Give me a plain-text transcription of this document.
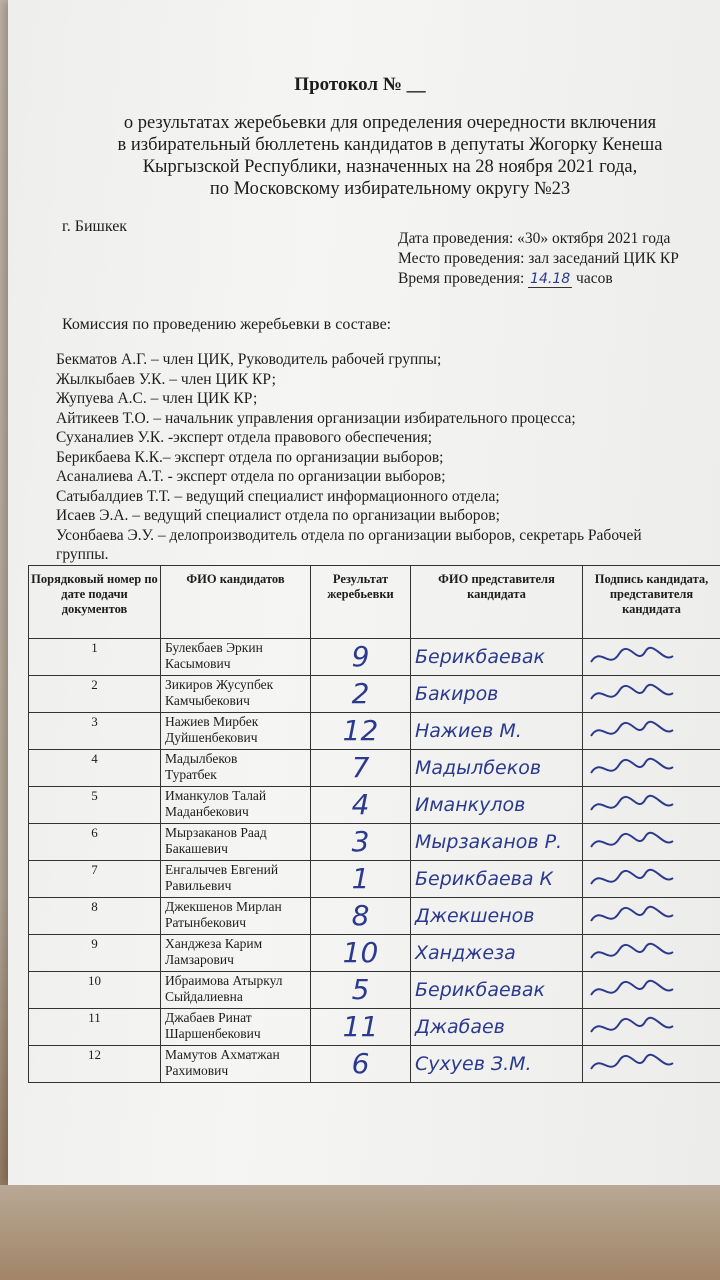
Протокол № __
о результатах жеребьевки для определения очередности включения
в избирательный бюллетень кандидатов в депутаты Жогорку Кенеша
Кыргызской Республики, назначенных на 28 ноября 2021 года,
по Московскому избирательному округу №23
г. Бишкек
Дата проведения: «30» октября 2021 года
Место проведения: зал заседаний ЦИК КР
Время проведения: 14.18 часов
Комиссия по проведению жеребьевки в составе:
Бекматов А.Г. – член ЦИК, Руководитель рабочей группы;
Жылкыбаев У.К. – член ЦИК КР;
Жупуева А.С. – член ЦИК КР;
Айтикеев Т.О. – начальник управления организации избирательного процесса;
Суханалиев У.К. -эксперт отдела правового обеспечения;
Берикбаева К.К.– эксперт отдела по организации выборов;
Асаналиева А.Т. - эксперт отдела по организации выборов;
Сатыбалдиев Т.Т. – ведущий специалист информационного отдела;
Исаев Э.А. – ведущий специалист отдела по организации выборов;
Усонбаева Э.У. – делопроизводитель отдела по организации выборов, секретарь Рабочей
группы.
Порядковый номер по дате подачи документов	ФИО кандидатов	Результат жеребьевки	ФИО представителя кандидата	Подпись кандидата, представителя кандидата
1	Булекбаев Эркин
Касымович	9	Берикбаевак	

2	Зикиров Жусупбек
Камчыбекович	2	Бакиров	

3	Нажиев Мирбек
Дуйшенбекович	12	Нажиев М.	

4	Мадылбеков
Туратбек	7	Мадылбеков	

5	Иманкулов Талай
Маданбекович	4	Иманкулов	

6	Мырзаканов Раад
Бакашевич	3	Мырзаканов Р.	

7	Енгалычев Евгений
Равильевич	1	Берикбаева К	

8	Джекшенов Мирлан
Ратынбекович	8	Джекшенов	

9	Ханджеза Карим
Ламзарович	10	Ханджеза	

10	Ибраимова Атыркул
Сыйдалиевна	5	Берикбаевак	

11	Джабаев Ринат
Шаршенбекович	11	Джабаев	

12	Мамутов Ахматжан
Рахимович	6	Сухуев З.М.	
